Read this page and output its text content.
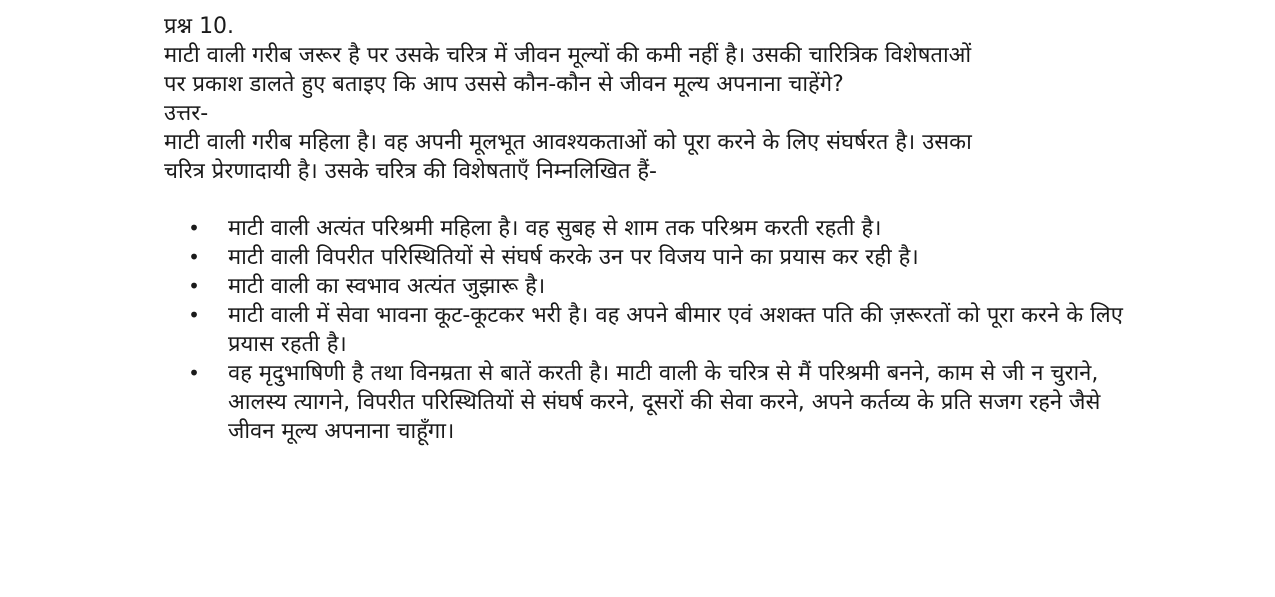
प्रश्न 10.

माटी वाली गरीब जरूर है पर उसके चरित्र में जीवन मूल्यों की कमी नहीं है। उसकी चारित्रिक विशेषताओं
पर प्रकाश डालते हुए बताइए कि आप उससे कौन-कौन से जीवन मूल्य अपनाना चाहेंगे?

उत्तर-

माटी वाली गरीब महिला है। वह अपनी मूलभूत आवश्यकताओं को पूरा करने के लिए संघर्षरत है। उसका
चरित्र प्रेरणादायी है। उसके चरित्र की विशेषताएँ निम्नलिखित हैं-
• माटी वाली अत्यंत परिश्रमी महिला है। वह सुबह से शाम तक परिश्रम करती रहती है।
• माटी वाली विपरीत परिस्थितियों से संघर्ष करके उन पर विजय पाने का प्रयास कर रही है।
• माटी वाली का स्वभाव अत्यंत जुझारू है।
• माटी वाली में सेवा भावना कूट-कूटकर भरी है। वह अपने बीमार एवं अशक्त पति की ज़रूरतों को पूरा करने के लिए प्रयास रहती है।
• वह मृदुभाषिणी है तथा विनम्रता से बातें करती है। माटी वाली के चरित्र से मैं परिश्रमी बनने, काम से जी न चुराने, आलस्य त्यागने, विपरीत परिस्थितियों से संघर्ष करने, दूसरों की सेवा करने, अपने कर्तव्य के प्रति सजग रहने जैसे जीवन मूल्य अपनाना चाहूँगा।
